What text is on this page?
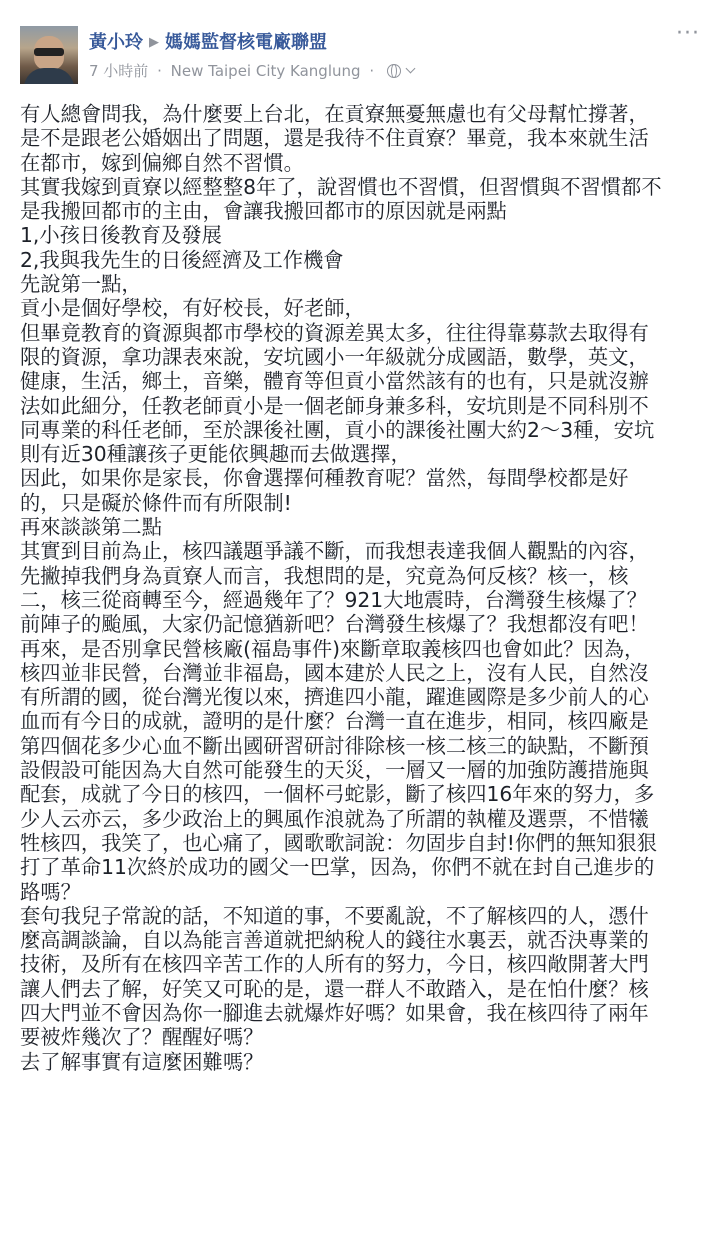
黃小玲 ▶ 媽媽監督核電廠聯盟
7 小時前 · New Taipei City Kanglung ·
···
有人總會問我，為什麼要上台北，在貢寮無憂無慮也有父母幫忙撐著，
是不是跟老公婚姻出了問題，還是我待不住貢寮？畢竟，我本來就生活
在都市，嫁到偏鄉自然不習慣。
其實我嫁到貢寮以經整整8年了，說習慣也不習慣，但習慣與不習慣都不
是我搬回都市的主由，會讓我搬回都市的原因就是兩點
1,小孩日後教育及發展
2,我與我先生的日後經濟及工作機會
先說第一點，
貢小是個好學校，有好校長，好老師，
但畢竟教育的資源與都市學校的資源差異太多，往往得靠募款去取得有
限的資源，拿功課表來說，安坑國小一年級就分成國語，數學，英文，
健康，生活，鄉土，音樂，體育等但貢小當然該有的也有，只是就沒辦
法如此細分，任教老師貢小是一個老師身兼多科，安坑則是不同科別不
同專業的科任老師，至於課後社團，貢小的課後社團大約2～3種，安坑
則有近30種讓孩子更能依興趣而去做選擇，
因此，如果你是家長，你會選擇何種教育呢？當然，每間學校都是好
的，只是礙於條件而有所限制!
再來談談第二點
其實到目前為止，核四議題爭議不斷，而我想表達我個人觀點的內容，
先撇掉我們身為貢寮人而言，我想問的是，究竟為何反核？核一，核
二，核三從商轉至今，經過幾年了？921大地震時，台灣發生核爆了？
前陣子的颱風，大家仍記憶猶新吧？台灣發生核爆了？我想都沒有吧！
再來，是否別拿民營核廠(福島事件)來斷章取義核四也會如此？因為，
核四並非民營，台灣並非福島，國本建於人民之上，沒有人民，自然沒
有所謂的國，從台灣光復以來，擠進四小龍，躍進國際是多少前人的心
血而有今日的成就，證明的是什麼？台灣一直在進步，相同，核四廠是
第四個花多少心血不斷出國研習研討徘除核一核二核三的缺點，不斷預
設假設可能因為大自然可能發生的天災，一層又一層的加強防護措施與
配套，成就了今日的核四，一個杯弓蛇影，斷了核四16年來的努力，多
少人云亦云，多少政治上的興風作浪就為了所謂的執權及選票，不惜犧
牲核四，我笑了，也心痛了，國歌歌詞說：勿固步自封!你們的無知狠狠
打了革命11次終於成功的國父一巴掌，因為，你們不就在封自己進步的
路嗎？
套句我兒子常說的話，不知道的事，不要亂說，不了解核四的人，憑什
麼高調談論，自以為能言善道就把納稅人的錢往水裏丟，就否決專業的
技術，及所有在核四辛苦工作的人所有的努力，今日，核四敞開著大門
讓人們去了解，好笑又可恥的是，還一群人不敢踏入，是在怕什麼？核
四大門並不會因為你一腳進去就爆炸好嗎？如果會，我在核四待了兩年
要被炸幾次了？醒醒好嗎？
去了解事實有這麼困難嗎？
